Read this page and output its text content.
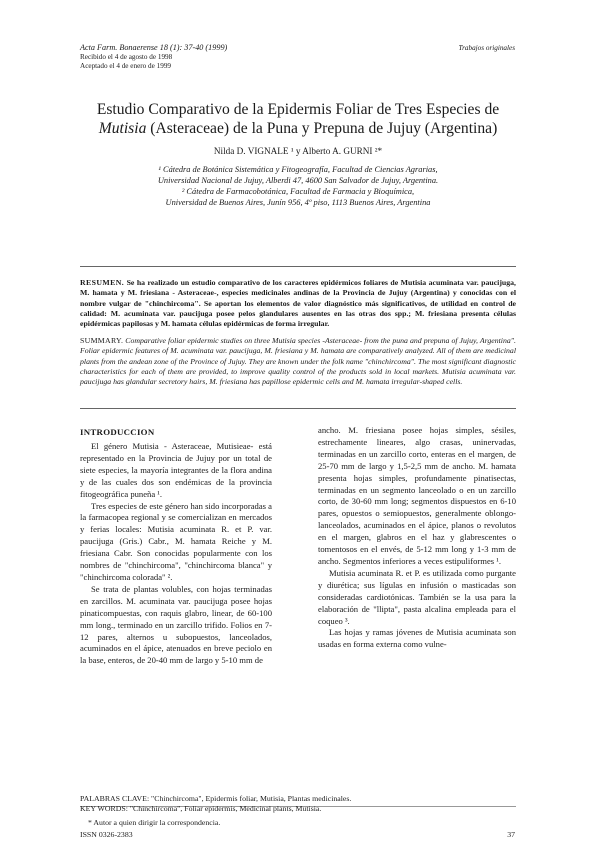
Acta Farm. Bonaerense 18 (1): 37-40 (1999)
Recibido el 4 de agosto de 1998
Aceptado el 4 de enero de 1999
Trabajos originales
Estudio Comparativo de la Epidermis Foliar de Tres Especies de
Mutisia (Asteraceae) de la Puna y Prepuna de Jujuy (Argentina)
Nilda D. VIGNALE ¹ y Alberto A. GURNI ²*
¹ Cátedra de Botánica Sistemática y Fitogeografía, Facultad de Ciencias Agrarias,
Universidad Nacional de Jujuy, Alberdi 47, 4600 San Salvador de Jujuy, Argentina.
² Cátedra de Farmacobotánica, Facultad de Farmacia y Bioquímica,
Universidad de Buenos Aires, Junín 956, 4º piso, 1113 Buenos Aires, Argentina
RESUMEN. Se ha realizado un estudio comparativo de los caracteres epidérmicos foliares de Mutisia acuminata var. paucijuga, M. hamata y M. friesiana - Asteraceae-, especies medicinales andinas de la Provincia de Jujuy (Argentina) y conocidas con el nombre vulgar de "chinchircoma". Se aportan los elementos de valor diagnóstico más significativos, de utilidad en control de calidad: M. acuminata var. paucijuga posee pelos glandulares ausentes en las otras dos spp.; M. friesiana presenta células epidérmicas papilosas y M. hamata células epidérmicas de forma irregular.
SUMMARY. Comparative foliar epidermic studies on three Mutisia species -Asteraceae- from the puna and prepuna of Jujuy, Argentina". Foliar epidermic features of M. acuminata var. paucijuga, M. friesiana y M. hamata are comparatively analyzed. All of them are medicinal plants from the andean zone of the Province of Jujuy. They are known under the folk name "chinchircoma". The most significant diagnostic characteristics for each of them are provided, to improve quality control of the products sold in local markets. Mutisia acuminata var. paucijuga has glandular secretory hairs, M. friesiana has papillose epidermic cells and M. hamata irregular-shaped cells.
INTRODUCCION

El género Mutisia - Asteraceae, Mutisieae- está representado en la Provincia de Jujuy por un total de siete especies, la mayoría integrantes de la flora andina y de las cuales dos son endémicas de la provincia fitogeográfica puneña ¹.

Tres especies de este género han sido incorporadas a la farmacopea regional y se comercializan en mercados y ferias locales: Mutisia acuminata R. et P. var. paucijuga (Gris.) Cabr., M. hamata Reiche y M. friesiana Cabr. Son conocidas popularmente con los nombres de "chinchircoma", "chinchircoma blanca" y "chinchircoma colorada" ².

Se trata de plantas volubles, con hojas terminadas en zarcillos. M. acuminata var. paucijuga posee hojas pinaticompuestas, con raquis glabro, linear, de 60-100 mm long., terminado en un zarcillo trifido. Folios en 7-12 pares, alternos u subopuestos, lanceolados, acuminados en el ápice, atenuados en breve peciolo en la base, enteros, de 20-40 mm de largo y 5-10 mm de

ancho. M. friesiana posee hojas simples, sésiles, estrechamente lineares, algo crasas, uninervadas, terminadas en un zarcillo corto, enteras en el margen, de 25-70 mm de largo y 1,5-2,5 mm de ancho. M. hamata presenta hojas simples, profundamente pinatisectas, terminadas en un segmento lanceolado o en un zarcillo corto, de 30-60 mm long; segmentos dispuestos en 6-10 pares, opuestos o semiopuestos, generalmente oblongo-lanceolados, acuminados en el ápice, planos o revolutos en el margen, glabros en el haz y glabrescentes o tomentosos en el envés, de 5-12 mm long y 1-3 mm de ancho. Segmentos inferiores a veces estipuliformes ¹.

Mutisia acuminata R. et P. es utilizada como purgante y diurética; sus lígulas en infusión o masticadas son consideradas cardiotónicas. También se la usa para la elaboración de "llipta", pasta alcalina empleada para el coqueo ³.

Las hojas y ramas jóvenes de Mutisia acuminata son usadas en forma externa como vulne-

PALABRAS CLAVE: "Chinchircoma", Epidermis foliar, Mutisia, Plantas medicinales.
KEY WORDS: "Chinchircoma", Foliar epidermis, Medicinal plants, Mutisia.
* Autor a quien dirigir la correspondencia.
ISSN 0326-2383	37
